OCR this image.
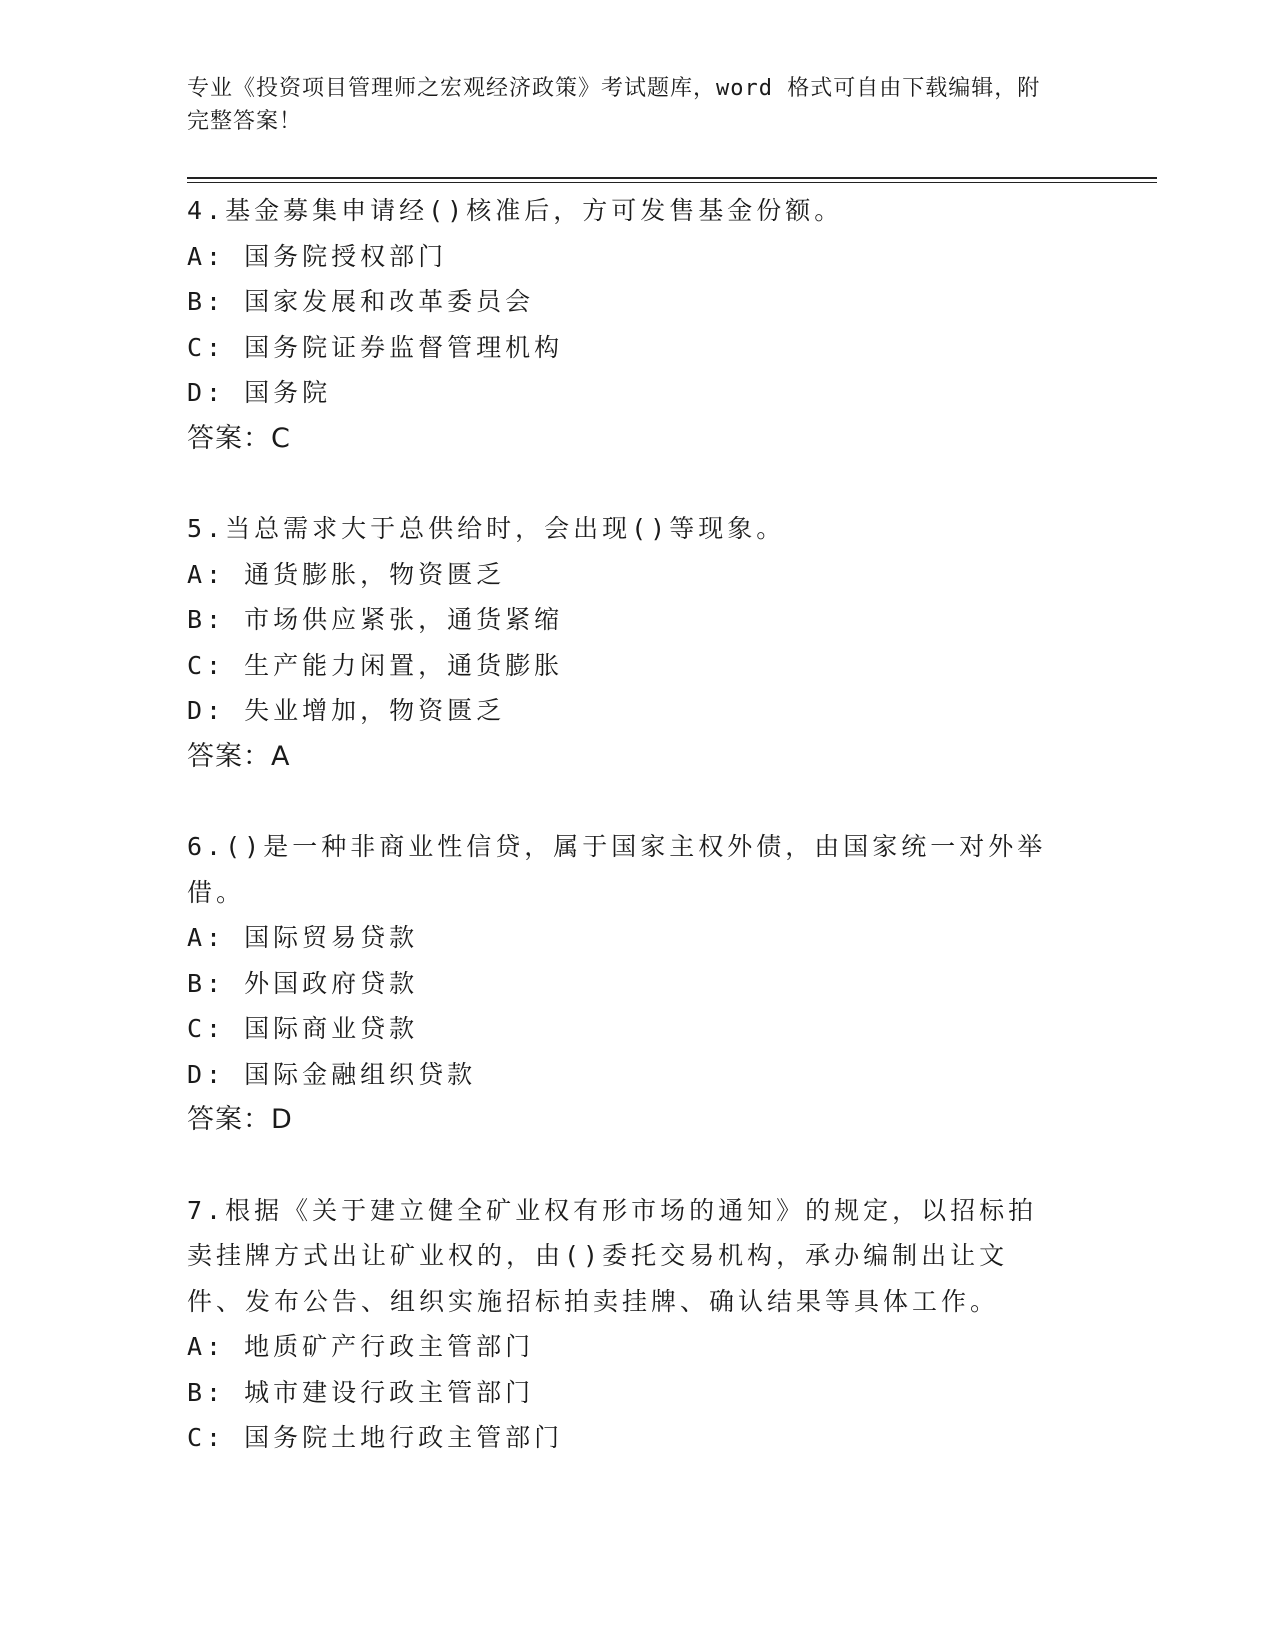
专业《投资项目管理师之宏观经济政策》考试题库，word 格式可自由下载编辑，附完整答案！
4.基金募集申请经()核准后，方可发售基金份额。
A: 国务院授权部门
B: 国家发展和改革委员会
C: 国务院证券监督管理机构
D: 国务院
答案：C
5.当总需求大于总供给时，会出现()等现象。
A: 通货膨胀，物资匮乏
B: 市场供应紧张，通货紧缩
C: 生产能力闲置，通货膨胀
D: 失业增加，物资匮乏
答案：A
6.()是一种非商业性信贷，属于国家主权外债，由国家统一对外举借。
A: 国际贸易贷款
B: 外国政府贷款
C: 国际商业贷款
D: 国际金融组织贷款
答案：D
7.根据《关于建立健全矿业权有形市场的通知》的规定，以招标拍卖挂牌方式出让矿业权的，由()委托交易机构，承办编制出让文件、发布公告、组织实施招标拍卖挂牌、确认结果等具体工作。
A: 地质矿产行政主管部门
B: 城市建设行政主管部门
C: 国务院土地行政主管部门
